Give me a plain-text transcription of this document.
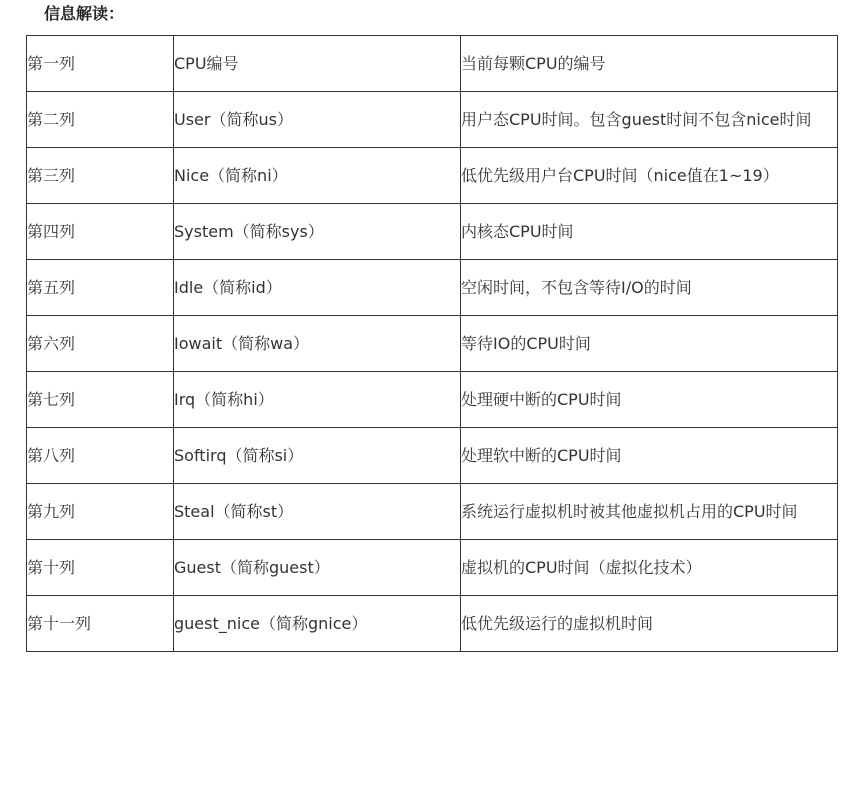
信息解读：
第一列	CPU编号	当前每颗CPU的编号
第二列	User（简称us）	用户态CPU时间。包含guest时间不包含nice时间
第三列	Nice（简称ni）	低优先级用户台CPU时间（nice值在1~19）
第四列	System（简称sys）	内核态CPU时间
第五列	Idle（简称id）	空闲时间，不包含等待I/O的时间
第六列	Iowait（简称wa）	等待IO的CPU时间
第七列	Irq（简称hi）	处理硬中断的CPU时间
第八列	Softirq（简称si）	处理软中断的CPU时间
第九列	Steal（简称st）	系统运行虚拟机时被其他虚拟机占用的CPU时间
第十列	Guest（简称guest）	虚拟机的CPU时间（虚拟化技术）
第十一列	guest_nice（简称gnice）	低优先级运行的虚拟机时间
